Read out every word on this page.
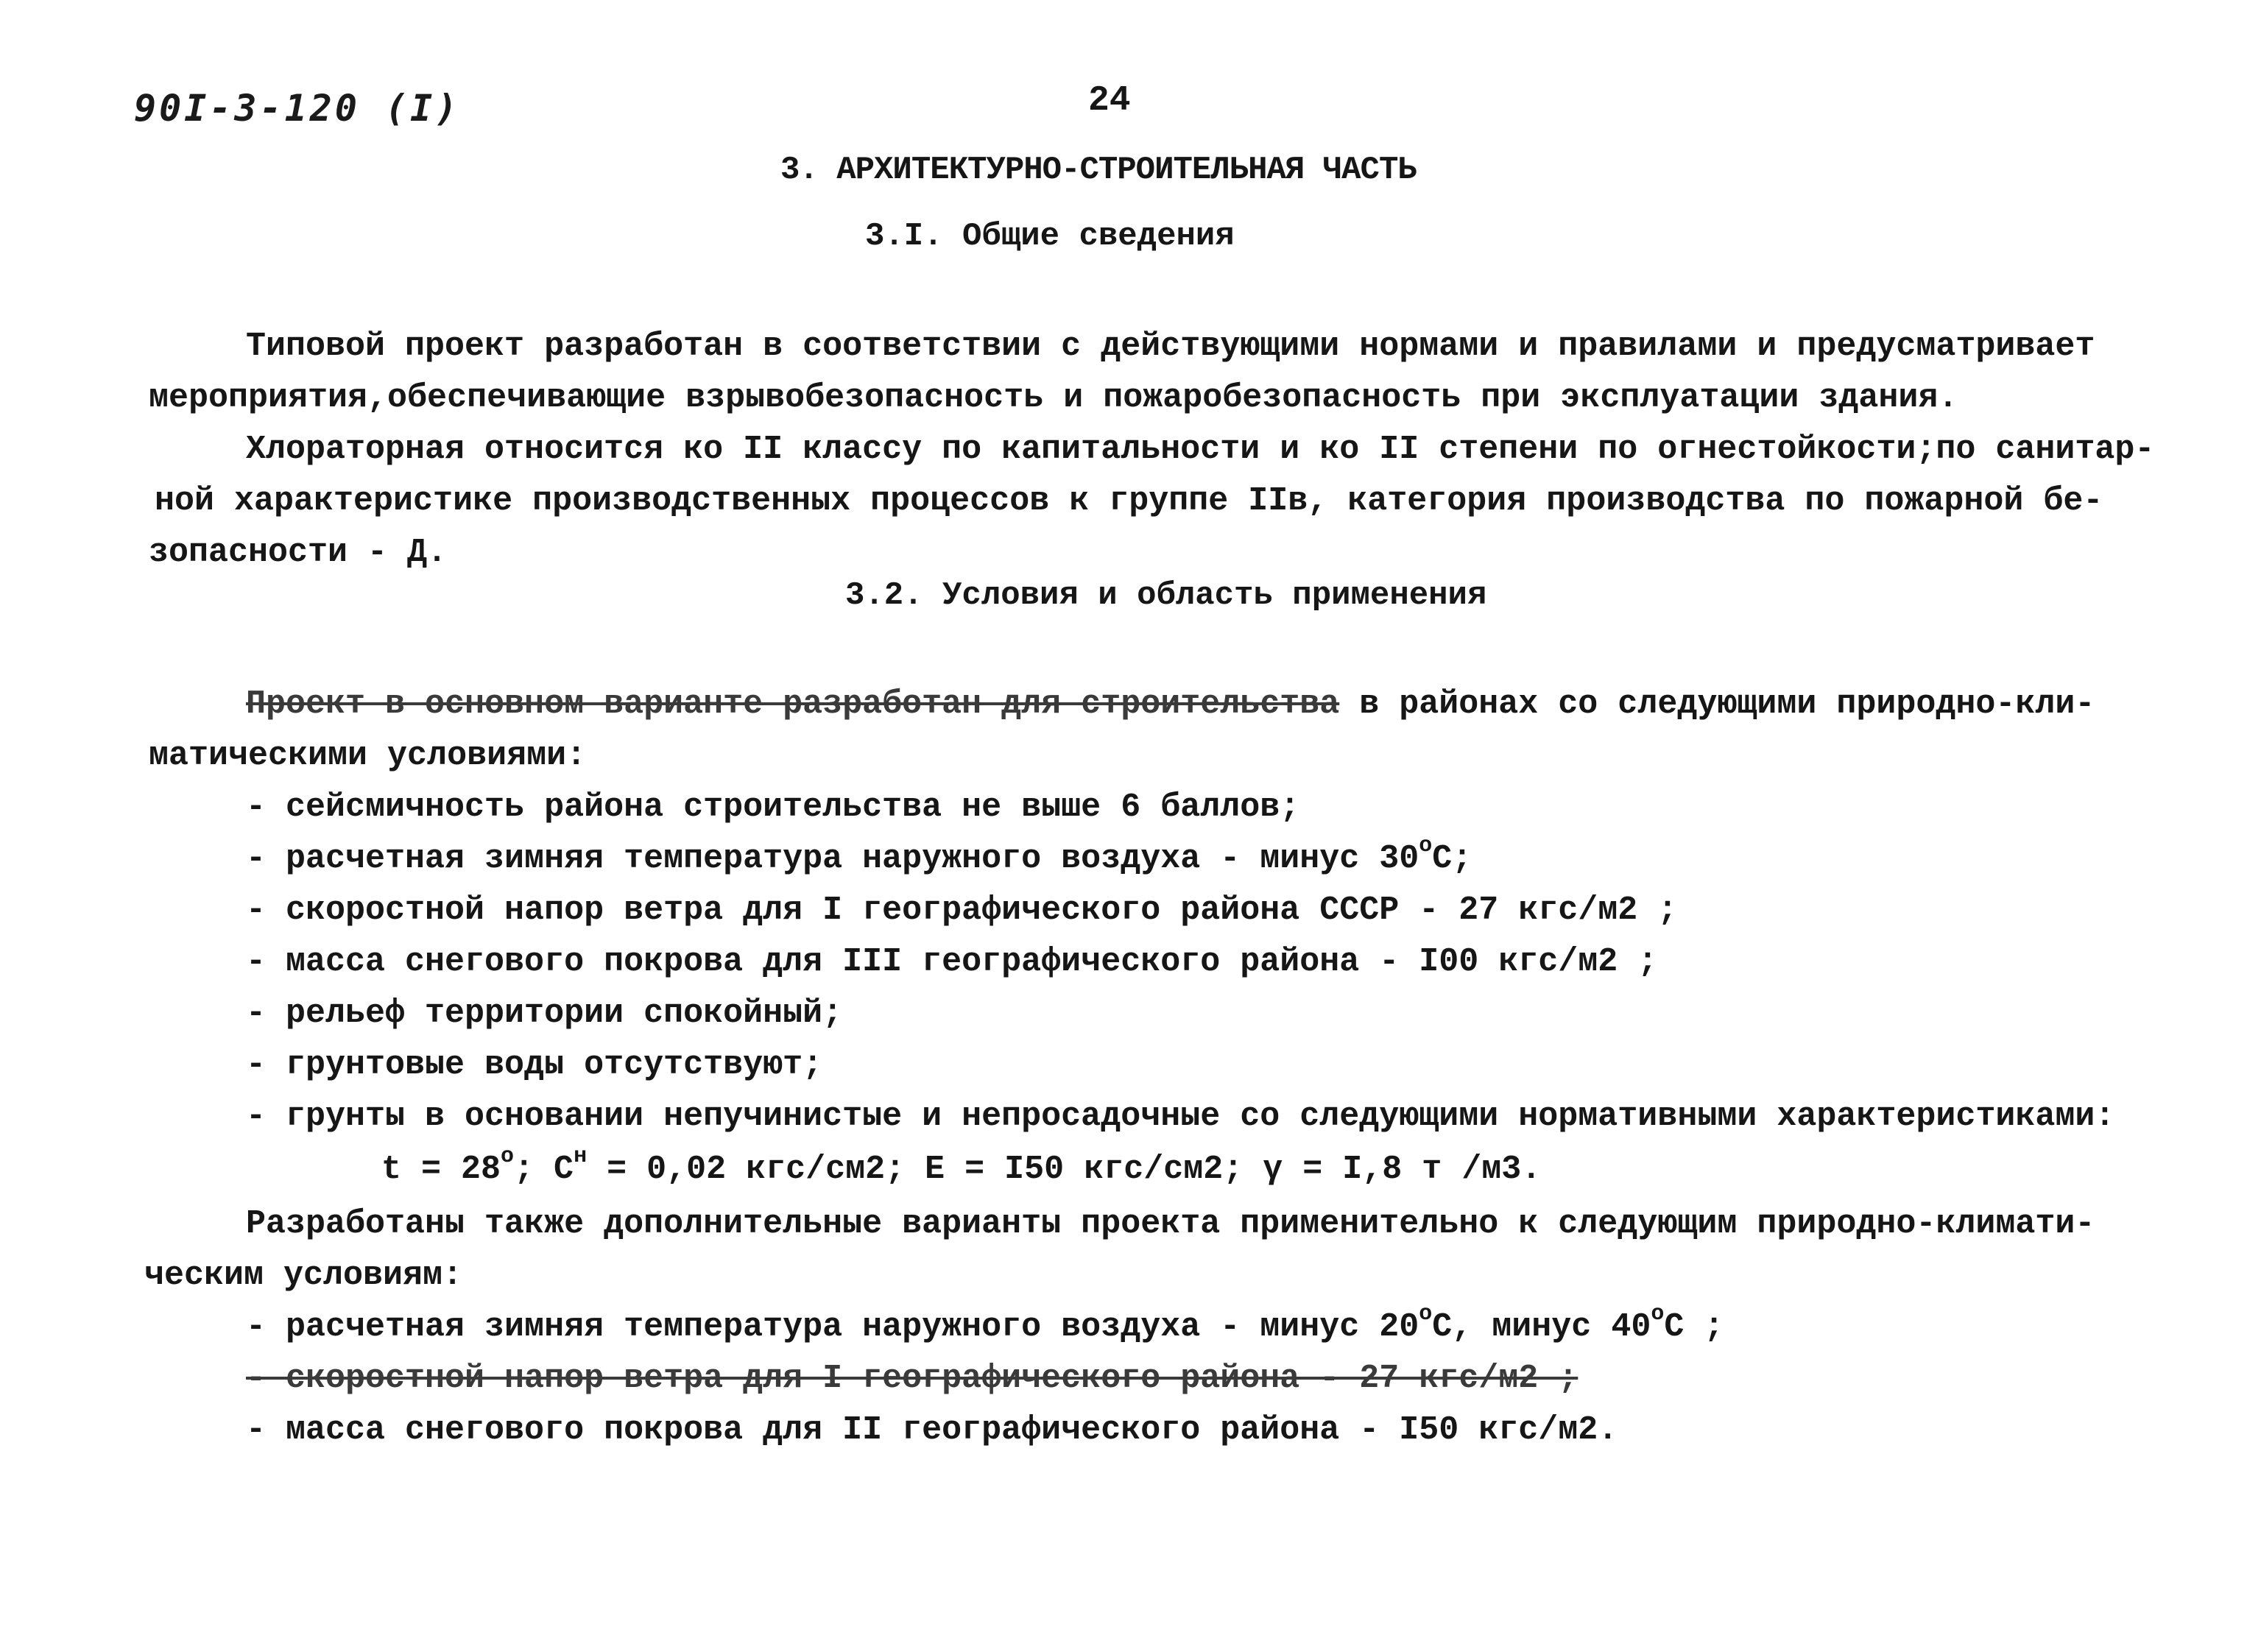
90I-3-120 (I)	24
3. АРХИТЕКТУРНО-СТРОИТЕЛЬНАЯ ЧАСТЬ
3.I. Общие сведения
Типовой проект разработан в соответствии с действующими нормами и правилами и предусматривает
мероприятия,обеспечивающие взрывобезопасность и пожаробезопасность при эксплуатации здания.
Хлораторная относится ко II классу по капитальности и ко II степени по огнестойкости;по санитар-
ной характеристике производственных процессов к группе IIв, категория производства по пожарной бе-
зопасности - Д.
3.2. Условия и область применения
Проект в основном варианте разработан для строительства в районах со следующими природно-кли-
матическими условиями:
- сейсмичность района строительства не выше 6 баллов;
- расчетная зимняя температура наружного воздуха - минус $30^оС$;
- скоростной напор ветра для I географического района СССР - 27 кгс/м2 ;
- масса снегового покрова для III географического района - I00 кгс/м2 ;
- рельеф территории спокойный;
- грунтовые воды отсутствуют;
- грунты в основании непучинистые и непросадочные со следующими нормативными характеристиками:
$t = 28^о$; $С^н = 0,02$ кгс/см2; Е = I50 кгс/см2; γ = I,8 т /м3.
Разработаны также дополнительные варианты проекта применительно к следующим природно-климати-
ческим условиям:
- расчетная зимняя температура наружного воздуха - минус $20^оС$, минус $40^оС$ ;
- скоростной напор ветра для I географического района - 27 кгс/м2 ;
- масса снегового покрова для II географического района - I50 кгс/м2.
